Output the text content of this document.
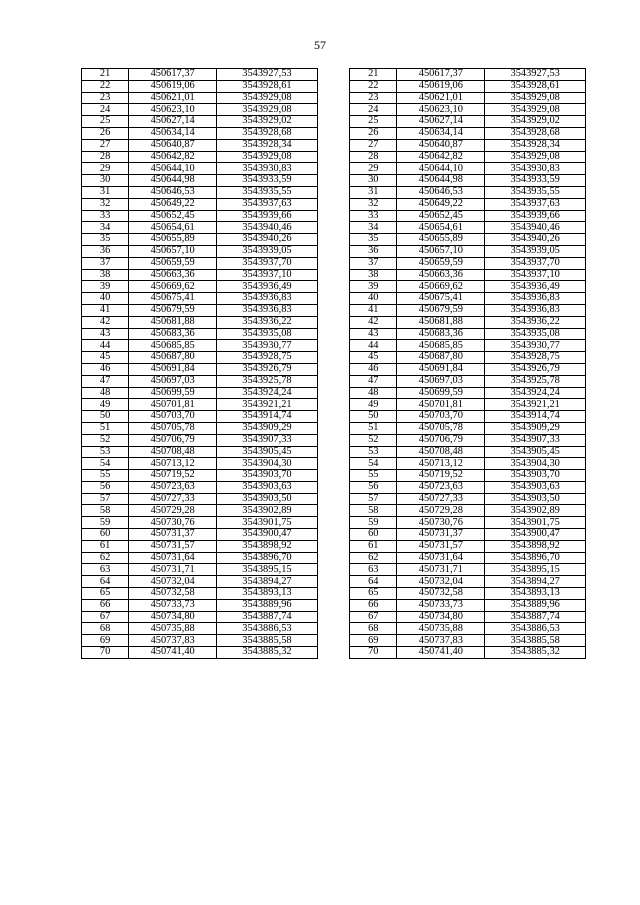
57
21	450617,37	3543927,53		21	450617,37	3543927,53
22	450619,06	3543928,61		22	450619,06	3543928,61
23	450621,01	3543929,08		23	450621,01	3543929,08
24	450623,10	3543929,08		24	450623,10	3543929,08
25	450627,14	3543929,02		25	450627,14	3543929,02
26	450634,14	3543928,68		26	450634,14	3543928,68
27	450640,87	3543928,34		27	450640,87	3543928,34
28	450642,82	3543929,08		28	450642,82	3543929,08
29	450644,10	3543930,83		29	450644,10	3543930,83
30	450644,98	3543933,59		30	450644,98	3543933,59
31	450646,53	3543935,55		31	450646,53	3543935,55
32	450649,22	3543937,63		32	450649,22	3543937,63
33	450652,45	3543939,66		33	450652,45	3543939,66
34	450654,61	3543940,46		34	450654,61	3543940,46
35	450655,89	3543940,26		35	450655,89	3543940,26
36	450657,10	3543939,05		36	450657,10	3543939,05
37	450659,59	3543937,70		37	450659,59	3543937,70
38	450663,36	3543937,10		38	450663,36	3543937,10
39	450669,62	3543936,49		39	450669,62	3543936,49
40	450675,41	3543936,83		40	450675,41	3543936,83
41	450679,59	3543936,83		41	450679,59	3543936,83
42	450681,88	3543936,22		42	450681,88	3543936,22
43	450683,36	3543935,08		43	450683,36	3543935,08
44	450685,85	3543930,77		44	450685,85	3543930,77
45	450687,80	3543928,75		45	450687,80	3543928,75
46	450691,84	3543926,79		46	450691,84	3543926,79
47	450697,03	3543925,78		47	450697,03	3543925,78
48	450699,59	3543924,24		48	450699,59	3543924,24
49	450701,81	3543921,21		49	450701,81	3543921,21
50	450703,70	3543914,74		50	450703,70	3543914,74
51	450705,78	3543909,29		51	450705,78	3543909,29
52	450706,79	3543907,33		52	450706,79	3543907,33
53	450708,48	3543905,45		53	450708,48	3543905,45
54	450713,12	3543904,30		54	450713,12	3543904,30
55	450719,52	3543903,70		55	450719,52	3543903,70
56	450723,63	3543903,63		56	450723,63	3543903,63
57	450727,33	3543903,50		57	450727,33	3543903,50
58	450729,28	3543902,89		58	450729,28	3543902,89
59	450730,76	3543901,75		59	450730,76	3543901,75
60	450731,37	3543900,47		60	450731,37	3543900,47
61	450731,57	3543898,92		61	450731,57	3543898,92
62	450731,64	3543896,70		62	450731,64	3543896,70
63	450731,71	3543895,15		63	450731,71	3543895,15
64	450732,04	3543894,27		64	450732,04	3543894,27
65	450732,58	3543893,13		65	450732,58	3543893,13
66	450733,73	3543889,96		66	450733,73	3543889,96
67	450734,80	3543887,74		67	450734,80	3543887,74
68	450735,88	3543886,53		68	450735,88	3543886,53
69	450737,83	3543885,58		69	450737,83	3543885,58
70	450741,40	3543885,32		70	450741,40	3543885,32
